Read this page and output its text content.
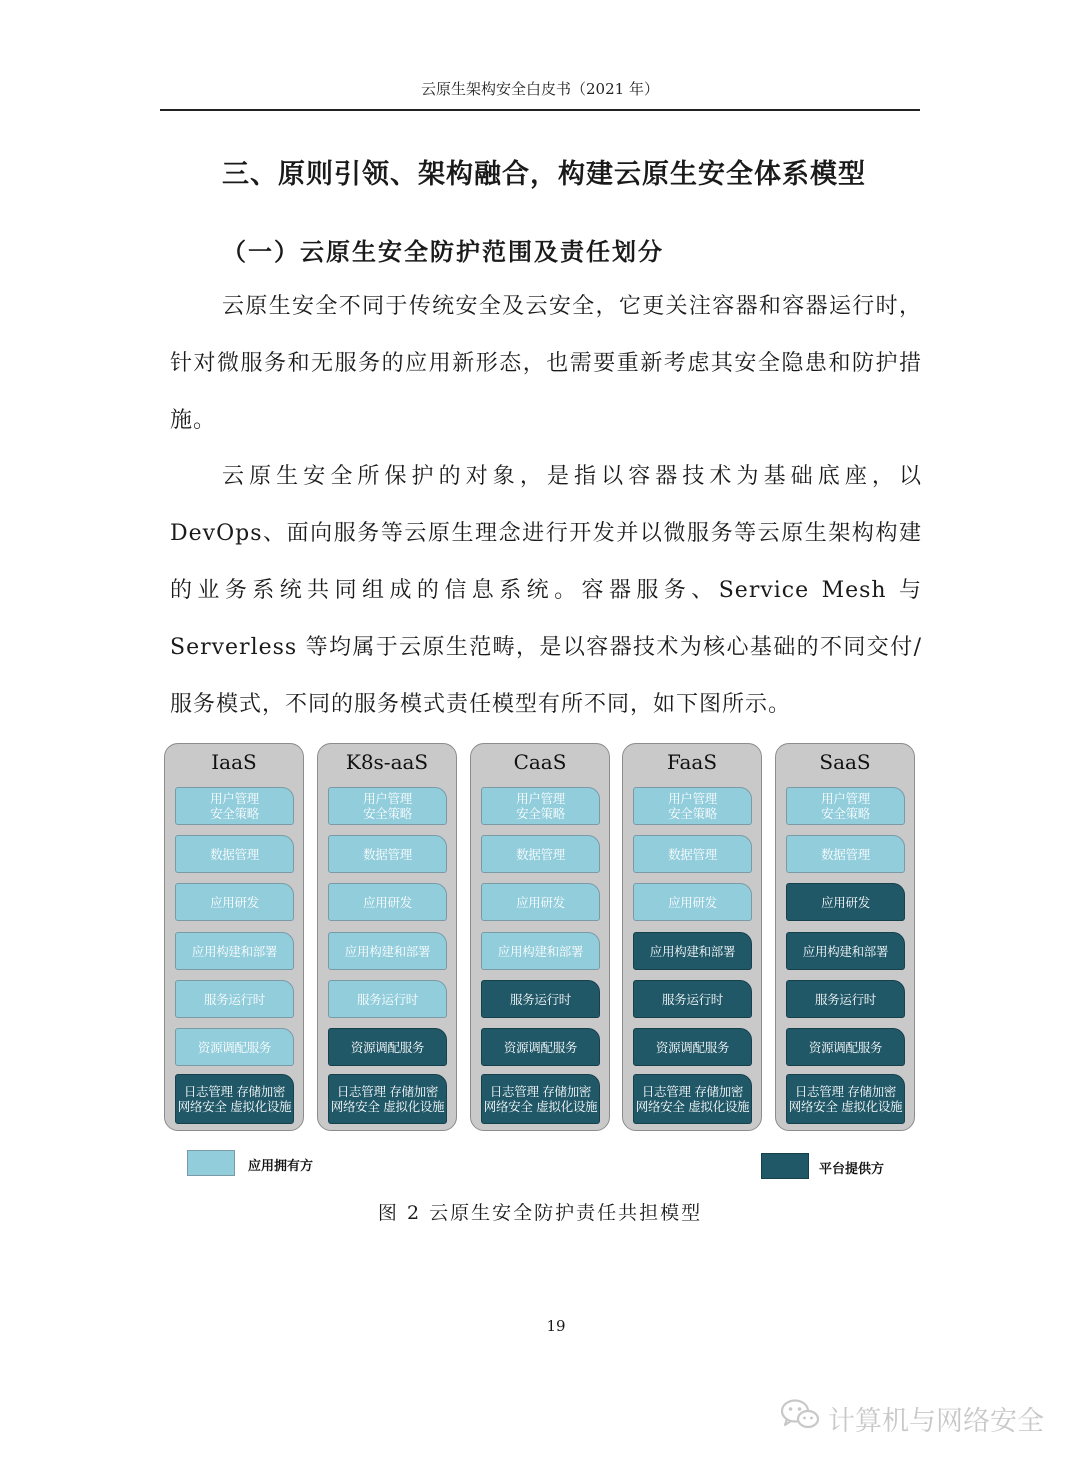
云原生架构安全白皮书（2021 年）
三、原则引领、架构融合，构建云原生安全体系模型
（一）云原生安全防护范围及责任划分

云原生安全不同于传统安全及云安全，它更关注容器和容器运行时，针对微服务和无服务的应用新形态，也需要重新考虑其安全隐患和防护措施。

云原生安全所保护的对象，是指以容器技术为基础底座，以 DevOps、面向服务等云原生理念进行开发并以微服务等云原生架构构建的业务系统共同组成的信息系统。容器服务、Service Mesh 与 Serverless 等均属于云原生范畴，是以容器技术为核心基础的不同交付/服务模式，不同的服务模式责任模型有所不同，如下图所示。

IaaS
用户管理
安全策略
数据管理
应用研发
应用构建和部署
服务运行时
资源调配服务
日志管理 存储加密
网络安全 虚拟化设施
K8s-aaS
用户管理
安全策略
数据管理
应用研发
应用构建和部署
服务运行时
资源调配服务
日志管理 存储加密
网络安全 虚拟化设施
CaaS
用户管理
安全策略
数据管理
应用研发
应用构建和部署
服务运行时
资源调配服务
日志管理 存储加密
网络安全 虚拟化设施
FaaS
用户管理
安全策略
数据管理
应用研发
应用构建和部署
服务运行时
资源调配服务
日志管理 存储加密
网络安全 虚拟化设施
SaaS
用户管理
安全策略
数据管理
应用研发
应用构建和部署
服务运行时
资源调配服务
日志管理 存储加密
网络安全 虚拟化设施
应用拥有方	平台提供方
图 2 云原生安全防护责任共担模型
19
计算机与网络安全
